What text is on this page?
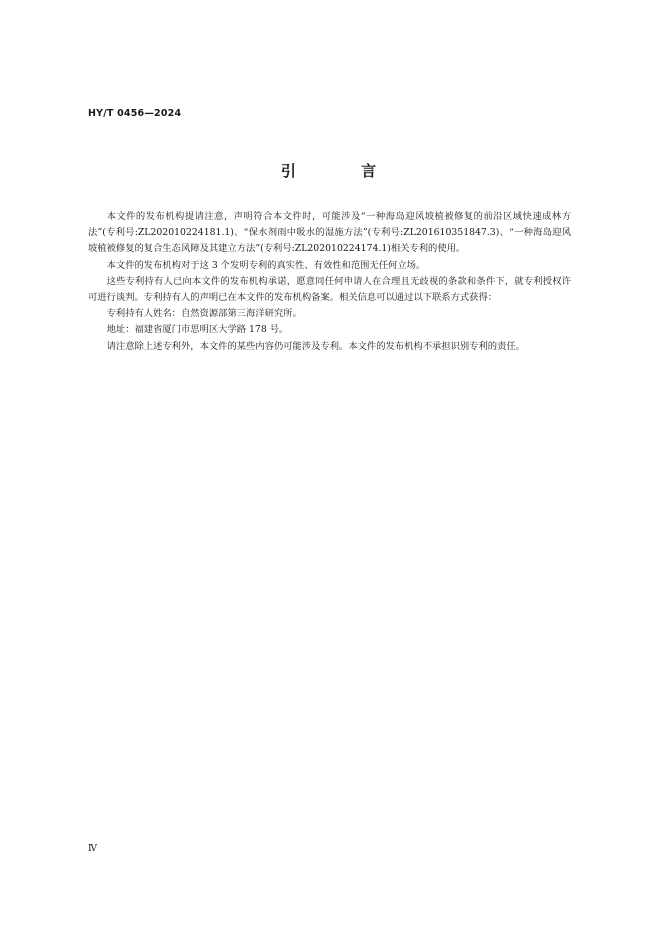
HY/T 0456—2024
引 言

本文件的发布机构提请注意，声明符合本文件时，可能涉及“一种海岛迎风坡植被修复的前沿区域快速成林方法”(专利号:ZL202010224181.1)、“保水剂雨中吸水的湿施方法”(专利号:ZL201610351847.3)、“一种海岛迎风坡植被修复的复合生态风障及其建立方法”(专利号:ZL202010224174.1)相关专利的使用。

本文件的发布机构对于这 3 个发明专利的真实性、有效性和范围无任何立场。

这些专利持有人已向本文件的发布机构承诺，愿意同任何申请人在合理且无歧视的条款和条件下，就专利授权许可进行谈判。专利持有人的声明已在本文件的发布机构备案。相关信息可以通过以下联系方式获得：

专利持有人姓名：自然资源部第三海洋研究所。

地址：福建省厦门市思明区大学路 178 号。

请注意除上述专利外，本文件的某些内容仍可能涉及专利。本文件的发布机构不承担识别专利的责任。

Ⅳ
